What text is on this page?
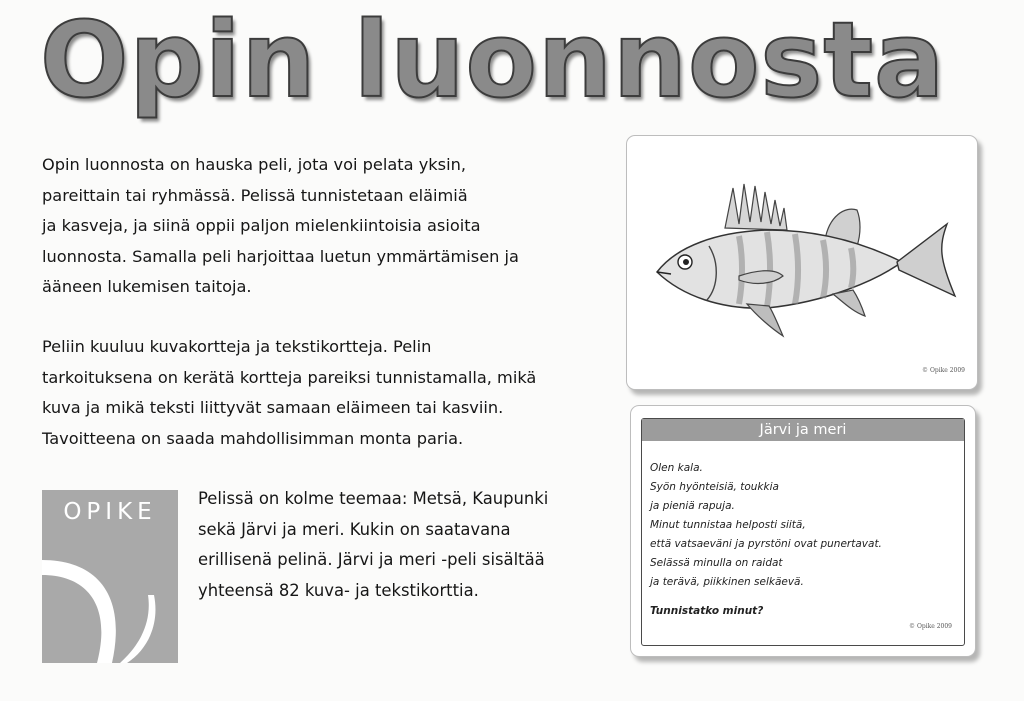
Opin luonnosta

Opin luonnosta on hauska peli, jota voi pelata yksin,
pareittain tai ryhmässä. Pelissä tunnistetaan eläimiä
ja kasveja, ja siinä oppii paljon mielenkiintoisia asioita
luonnosta. Samalla peli harjoittaa luetun ymmärtämisen ja
ääneen lukemisen taitoja.

Peliin kuuluu kuvakortteja ja tekstikortteja. Pelin
tarkoituksena on kerätä kortteja pareiksi tunnistamalla, mikä
kuva ja mikä teksti liittyvät samaan eläimeen tai kasviin.
Tavoitteena on saada mahdollisimman monta paria.

OPIKE

Pelissä on kolme teemaa: Metsä, Kaupunki
sekä Järvi ja meri. Kukin on saatavana
erillisenä pelinä. Järvi ja meri -peli sisältää
yhteensä 82 kuva- ja tekstikorttia.

© Opike 2009
Järvi ja meri
Olen kala.
Syön hyönteisiä, toukkia
ja pieniä rapuja.
Minut tunnistaa helposti siitä,
että vatsaeväni ja pyrstöni ovat punertavat.
Selässä minulla on raidat
ja terävä, piikkinen selkäevä.
Tunnistatko minut?
© Opike 2009
